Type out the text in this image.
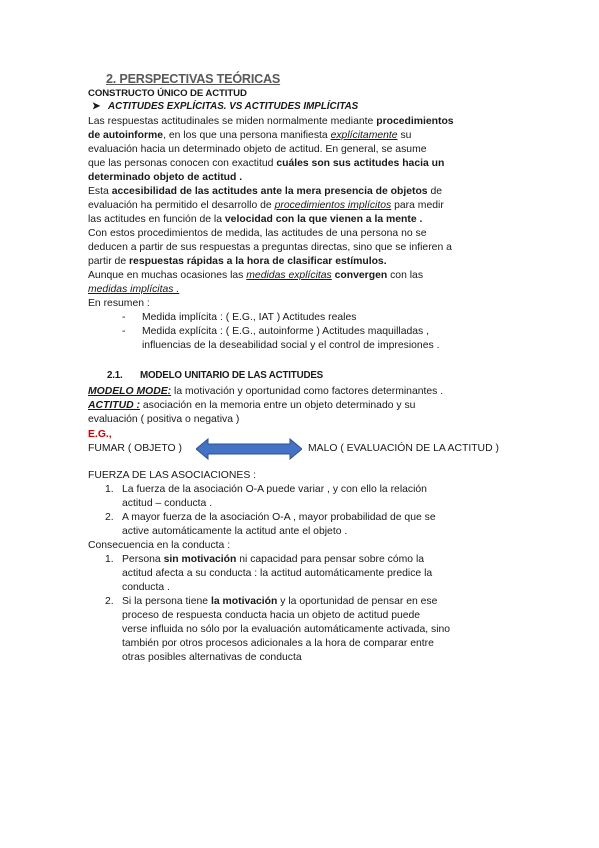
2. PERSPECTIVAS TEÓRICAS
CONSTRUCTO ÚNICO DE ACTITUD
➤ ACTITUDES EXPLÍCITAS. VS ACTITUDES IMPLÍCITAS
Las respuestas actitudinales se miden normalmente mediante procedimientos
de autoinforme, en los que una persona manifiesta explícitamente su
evaluación hacia un determinado objeto de actitud. En general, se asume
que las personas conocen con exactitud cuáles son sus actitudes hacia un
determinado objeto de actitud .
Esta accesibilidad de las actitudes ante la mera presencia de objetos de
evaluación ha permitido el desarrollo de procedimientos implícitos para medir
las actitudes en función de la velocidad con la que vienen a la mente .
Con estos procedimientos de medida, las actitudes de una persona no se
deducen a partir de sus respuestas a preguntas directas, sino que se infieren a
partir de respuestas rápidas a la hora de clasificar estímulos.
Aunque en muchas ocasiones las medidas explícitas convergen con las
medidas implícitas .
En resumen :
- Medida implícita : ( E.G., IAT ) Actitudes reales
- Medida explícita : ( E.G., autoinforme ) Actitudes maquilladas ,
influencias de la deseabilidad social y el control de impresiones .
2.1. MODELO UNITARIO DE LAS ACTITUDES
MODELO MODE: la motivación y oportunidad como factores determinantes .
ACTITUD : asociación en la memoria entre un objeto determinado y su
evaluación ( positiva o negativa )
E.G.,
FUMAR ( OBJETO )	MALO ( EVALUACIÓN DE LA ACTITUD )
FUERZA DE LAS ASOCIACIONES :
1. La fuerza de la asociación O-A puede variar , y con ello la relación
actitud – conducta .
2. A mayor fuerza de la asociación O-A , mayor probabilidad de que se
active automáticamente la actitud ante el objeto .
Consecuencia en la conducta :
1. Persona sin motivación ni capacidad para pensar sobre cómo la
actitud afecta a su conducta : la actitud automáticamente predice la
conducta .
2. Si la persona tiene la motivación y la oportunidad de pensar en ese
proceso de respuesta conducta hacia un objeto de actitud puede
verse influida no sólo por la evaluación automáticamente activada, sino
también por otros procesos adicionales a la hora de comparar entre
otras posibles alternativas de conducta
